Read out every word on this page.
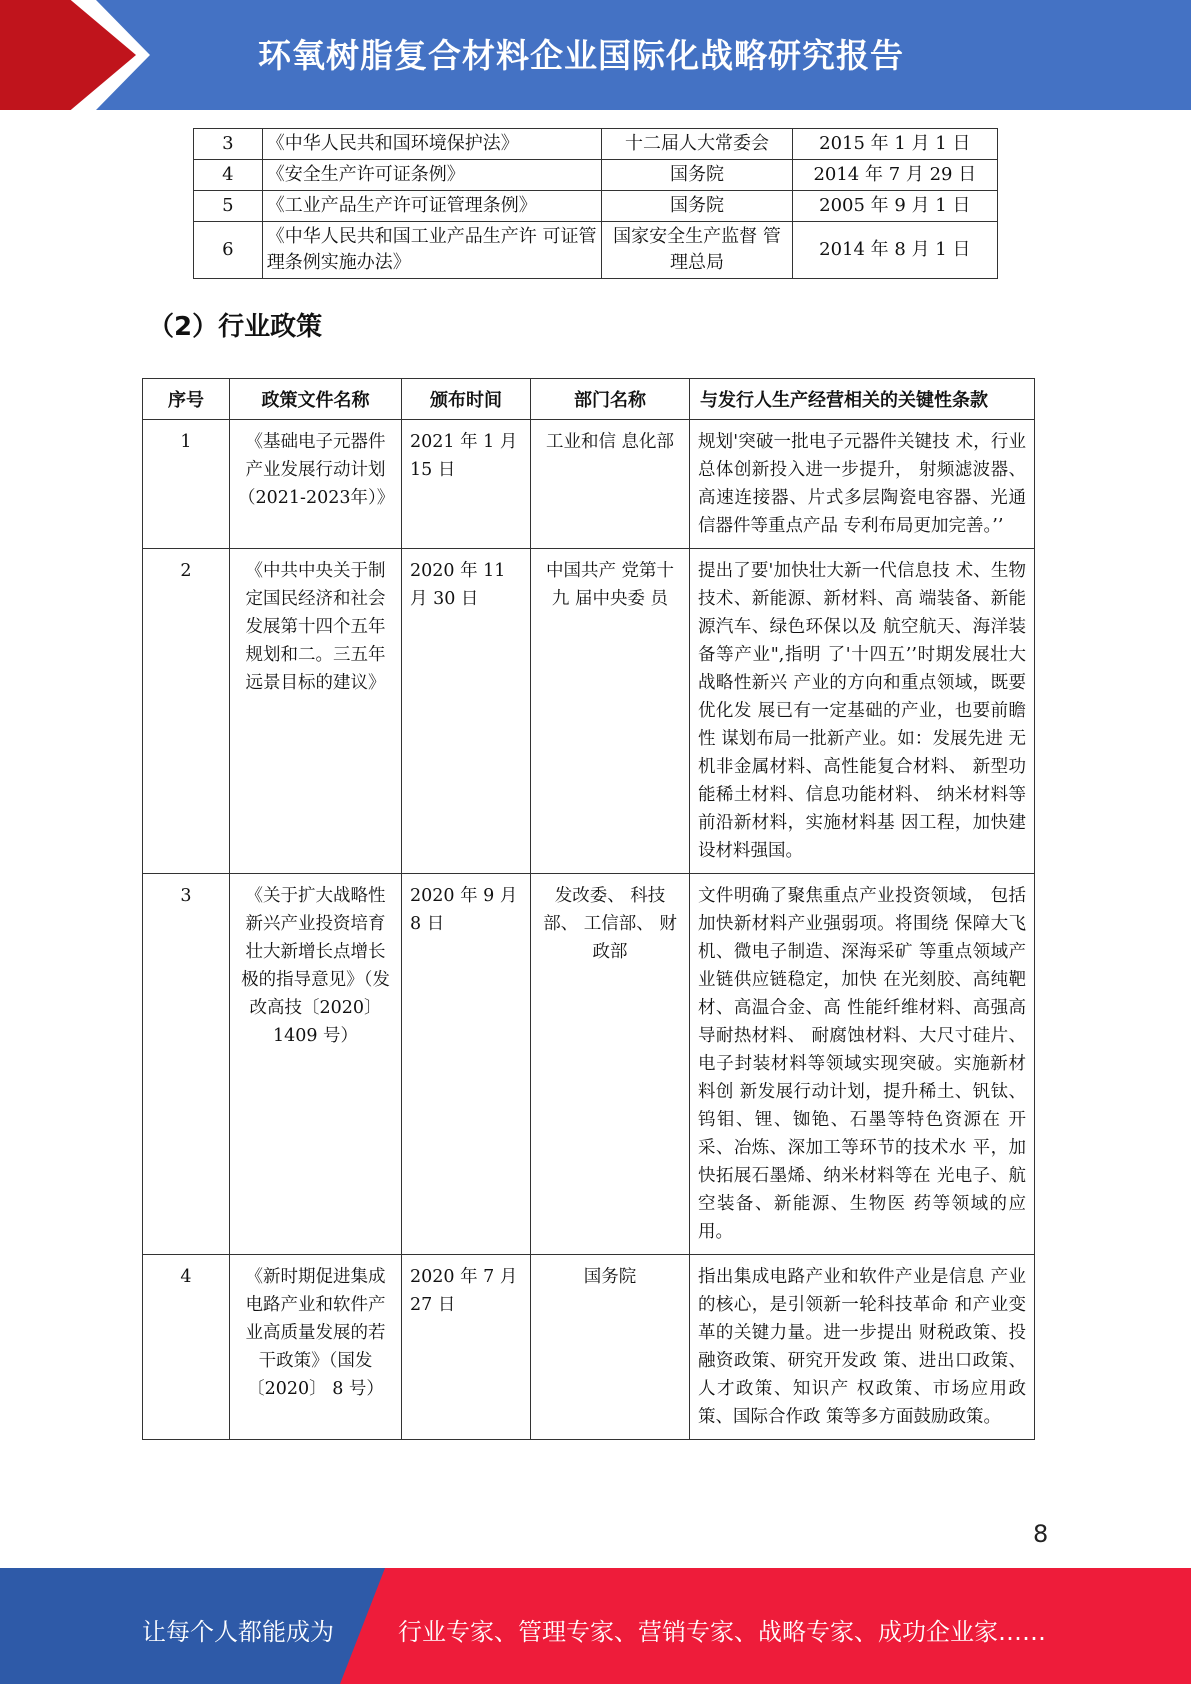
环氧树脂复合材料企业国际化战略研究报告
3	《中华人民共和国环境保护法》	十二届人大常委会	2015 年 1 月 1 日
4	《安全生产许可证条例》	国务院	2014 年 7 月 29 日
5	《工业产品生产许可证管理条例》	国务院	2005 年 9 月 1 日
6	《中华人民共和国工业产品生产许 可证管理条例实施办法》	国家安全生产监督 管理总局	2014 年 8 月 1 日
（2）行业政策
序号	政策文件名称	颁布时间	部门名称	与发行人生产经营相关的关键性条款
1	《基础电子元器件产业发展行动计划（2021-2023年）》	2021 年 1 月 15 日	工业和信 息化部	规划'突破一批电子元器件关键技 术，行业总体创新投入进一步提升， 射频滤波器、高速连接器、片式多层陶瓷电容器、光通信器件等重点产品 专利布局更加完善。’’
2	《中共中央关于制定国民经济和社会发展第十四个五年规划和二。三五年远景目标的建议》	2020 年 11 月 30 日	中国共产 党第十九 届中央委 员	提出了要'加快壮大新一代信息技 术、生物技术、新能源、新材料、高 端装备、新能源汽车、绿色环保以及 航空航天、海洋装备等产业",指明 了'十四五’’时期发展壮大战略性新兴 产业的方向和重点领域，既要优化发 展已有一定基础的产业，也要前瞻性 谋划布局一批新产业。如：发展先进 无机非金属材料、高性能复合材料、 新型功能稀土材料、信息功能材料、 纳米材料等前沿新材料，实施材料基 因工程，加快建设材料强国。
3	《关于扩大战略性新兴产业投资培育壮大新增长点增长极的指导意见》（发改高技〔2020〕1409 号）	2020 年 9 月 8 日	发改委、 科技部、 工信部、 财政部	文件明确了聚焦重点产业投资领域， 包括加快新材料产业强弱项。将围绕 保障大飞机、微电子制造、深海采矿 等重点领域产业链供应链稳定，加快 在光刻胶、高纯靶材、高温合金、高 性能纤维材料、高强高导耐热材料、 耐腐蚀材料、大尺寸硅片、电子封装材料等领域实现突破。实施新材料创 新发展行动计划，提升稀土、钒钛、 钨钼、锂、铷铯、石墨等特色资源在 开采、冶炼、深加工等环节的技术水 平，加快拓展石墨烯、纳米材料等在 光电子、航空装备、新能源、生物医 药等领域的应用。
4	《新时期促进集成电路产业和软件产业高质量发展的若干政策》（国发〔2020〕 8 号）	2020 年 7 月 27 日	国务院	指出集成电路产业和软件产业是信息 产业的核心，是引领新一轮科技革命 和产业变革的关键力量。进一步提出 财税政策、投融资政策、研究开发政 策、进出口政策、人才政策、知识产 权政策、市场应用政策、国际合作政 策等多方面鼓励政策。
8
让每个人都能成为	行业专家、管理专家、营销专家、战略专家、成功企业家……
